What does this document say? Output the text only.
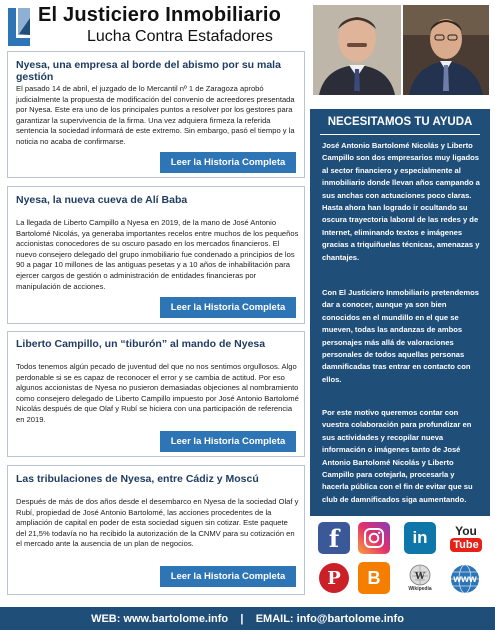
El Justiciero Inmobiliario
Lucha Contra Estafadores
Nyesa, una empresa al borde del abismo por su mala gestión
El pasado 14 de abril, el juzgado de lo Mercantil nº 1 de Zaragoza aprobó judicialmente la propuesta de modificación del convenio de acreedores presentada por Nyesa. Este era uno de los principales puntos a resolver por los gestores para garantizar la supervivencia de la firma. Una vez adquiera firmeza la referida sentencia la sociedad informará de este extremo. Sin embargo, pasó el tiempo y la noticia no acaba de confirmarse.
Leer la Historia Completa
Nyesa, la nueva cueva de Alí Baba
La llegada de Liberto Campillo a Nyesa en 2019, de la mano de José Antonio Bartolomé Nicolás, ya generaba importantes recelos entre muchos de los pequeños accionistas conocedores de su oscuro pasado en los mercados financieros. El nuevo consejero delegado del grupo inmobiliario fue condenado a principios de los 90 a pagar 10 millones de las antiguas pesetas y a 10 años de inhabilitación para ejercer cargos de gestión o administración de entidades financieras por manipulación de acciones.
Leer la Historia Completa
Liberto Campillo, un “tiburón” al mando de Nyesa
Todos tenemos algún pecado de juventud del que no nos sentimos orgullosos. Algo perdonable si se es capaz de reconocer el error y se cambia de actitud. Por eso algunos accionistas de Nyesa no pusieron demasiadas objeciones al nombramiento como consejero delegado de Liberto Campillo impuesto por José Antonio Bartolomé Nicolás después de que Olaf y Rubí se hiciera con una participación de referencia en 2019.
Leer la Historia Completa
Las tribulaciones de Nyesa, entre Cádiz y Moscú
Después de más de dos años desde el desembarco en Nyesa de la sociedad Olaf y Rubí, propiedad de José Antonio Bartolomé, las acciones procedentes de la ampliación de capital en poder de esta sociedad siguen sin cotizar. Este paquete del 21,5% todavía no ha recibido la autorización de la CNMV para su cotización en el mercado ante la ausencia de un plan de negocios.
Leer la Historia Completa
NECESITAMOS TU AYUDA
José Antonio Bartolomé Nicolás y Liberto Campillo son dos empresarios muy ligados al sector financiero y especialmente al inmobiliario donde llevan años campando a sus anchas con actuaciones poco claras. Hasta ahora han logrado ir ocultando su oscura trayectoria laboral de las redes y de Internet, eliminando textos e imágenes gracias a triquiñuelas técnicas, amenazas y chantajes.
Con El Justiciero Inmobiliario pretendemos dar a conocer, aunque ya son bien conocidos en el mundillo en el que se mueven, todas las andanzas de ambos personajes más allá de valoraciones personales de todos aquellas personas damnificadas tras entrar en contacto con ellos.
Por este motivo queremos contar con vuestra colaboración para profundizar en sus actividades y recopilar nueva información o imágenes tanto de José Antonio Bartolomé Nicolás y Liberto Campillo para cotejarla, procesarla y hacerla pública con el fin de evitar que su club de damnificados siga aumentando.
f	in	You
Tube
P	B	W
Wikipedia
www
WEB: www.bartolome.info
|
EMAIL: info@bartolome.info
